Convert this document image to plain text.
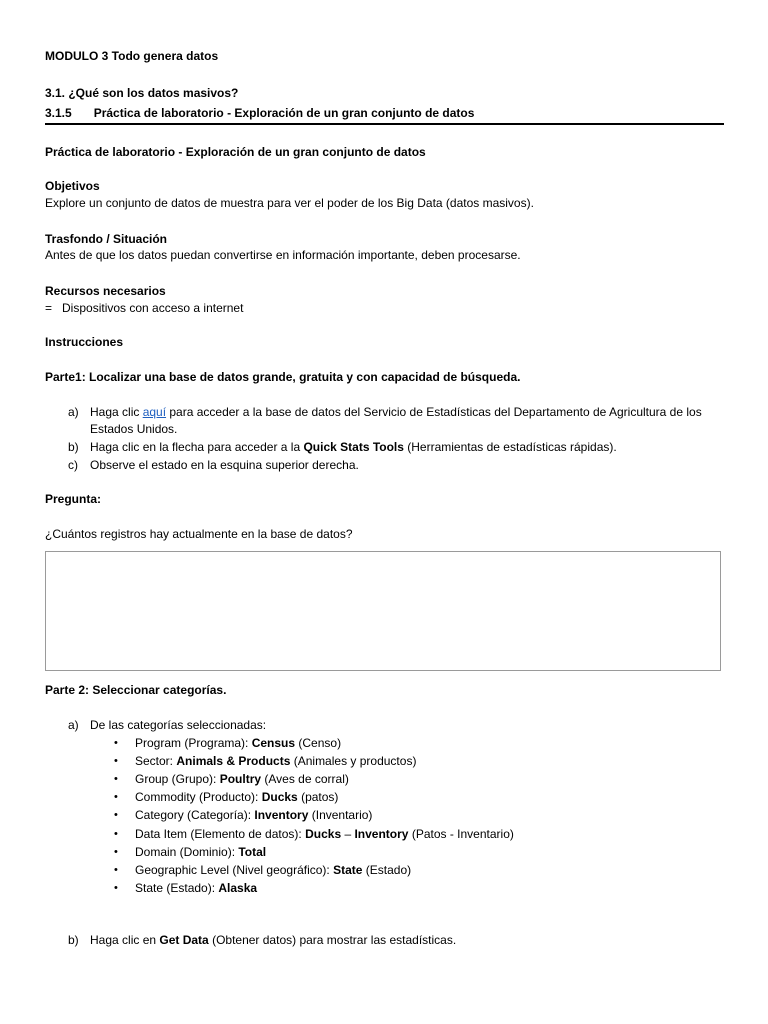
MODULO 3 Todo genera datos
3.1. ¿Qué son los datos masivos?
3.1.5 Práctica de laboratorio - Exploración de un gran conjunto de datos
Práctica de laboratorio - Exploración de un gran conjunto de datos
Objetivos
Explore un conjunto de datos de muestra para ver el poder de los Big Data (datos masivos).
Trasfondo / Situación
Antes de que los datos puedan convertirse en información importante, deben procesarse.
Recursos necesarios
= Dispositivos con acceso a internet
Instrucciones
Parte1: Localizar una base de datos grande, gratuita y con capacidad de búsqueda.
a) Haga clic aquí para acceder a la base de datos del Servicio de Estadísticas del Departamento de Agricultura de los
Estados Unidos.
b) Haga clic en la flecha para acceder a la Quick Stats Tools (Herramientas de estadísticas rápidas).
c) Observe el estado en la esquina superior derecha.
Pregunta:
¿Cuántos registros hay actualmente en la base de datos?
Parte 2: Seleccionar categorías.
a) De las categorías seleccionadas:
• Program (Programa): Census (Censo)
• Sector: Animals & Products (Animales y productos)
• Group (Grupo): Poultry (Aves de corral)
• Commodity (Producto): Ducks (patos)
• Category (Categoría): Inventory (Inventario)
• Data Item (Elemento de datos): Ducks – Inventory (Patos - Inventario)
• Domain (Dominio): Total
• Geographic Level (Nivel geográfico): State (Estado)
• State (Estado): Alaska
b) Haga clic en Get Data (Obtener datos) para mostrar las estadísticas.
